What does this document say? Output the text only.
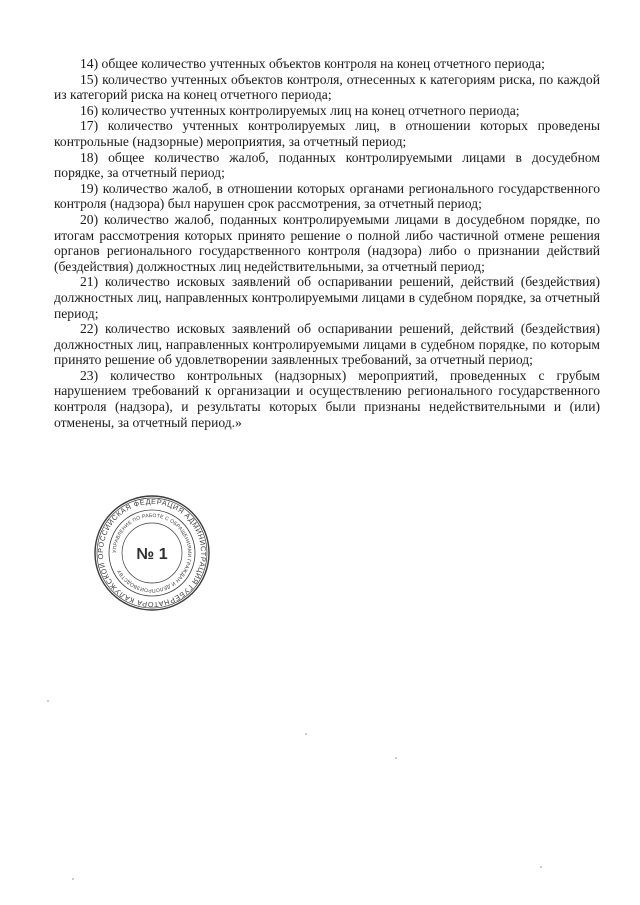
14) общее количество учтенных объектов контроля на конец отчетного периода;

15) количество учтенных объектов контроля, отнесенных к категориям риска, по каждой из категорий риска на конец отчетного периода;

16) количество учтенных контролируемых лиц на конец отчетного периода;

17) количество учтенных контролируемых лиц, в отношении которых проведены контрольные (надзорные) мероприятия, за отчетный период;

18) общее количество жалоб, поданных контролируемыми лицами в досудебном порядке, за отчетный период;

19) количество жалоб, в отношении которых органами регионального государственного контроля (надзора) был нарушен срок рассмотрения, за отчетный период;

20) количество жалоб, поданных контролируемыми лицами в досудебном порядке, по итогам рассмотрения которых принято решение о полной либо частичной отмене решения органов регионального государственного контроля (надзора) либо о признании действий (бездействия) должностных лиц недействительными, за отчетный период;

21) количество исковых заявлений об оспаривании решений, действий (бездействия) должностных лиц, направленных контролируемыми лицами в судебном порядке, за отчетный период;

22) количество исковых заявлений об оспаривании решений, действий (бездействия) должностных лиц, направленных контролируемыми лицами в судебном порядке, по которым принято решение об удовлетворении заявленных требований, за отчетный период;

23) количество контрольных (надзорных) мероприятий, проведенных с грубым нарушением требований к организации и осуществлению регионального государственного контроля (надзора), и результаты которых были признаны недействительными и (или) отменены, за отчетный период.»

РОССИЙСКАЯ ФЕДЕРАЦИЯ АДМИНИСТРАЦИЯ ГУБЕРНАТОРА КАЛУЖСКОЙ О
УПРАВЛЕНИЕ ПО РАБОТЕ С ОБРАЩЕНИЯМИ ГРАЖДАН И ДЕЛОПРОИЗВОДСТВУ
№ 1
